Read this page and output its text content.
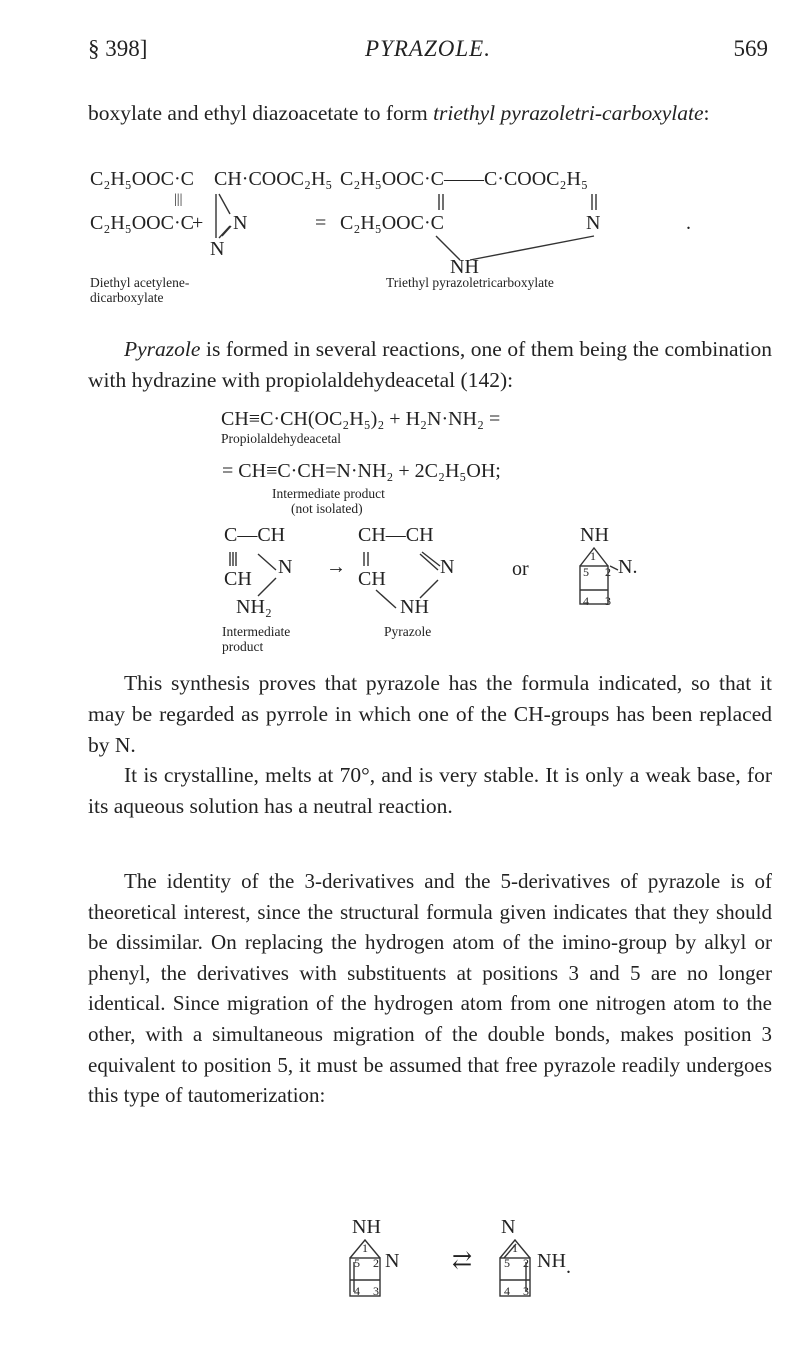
§ 398]	PYRAZOLE.	569

boxylate and ethyl diazoacetate to form triethyl pyrazoletri-carboxylate:

C₂H₅OOC·C
|||
C₂H₅OOC·C
+
CH·COOC₂H₅
N
N
=
C₂H₅OOC·C——C·COOC₂H₅
C₂H₅OOC·C	N
NH
.
Diethyl acetylene-
dicarboxylate
Triethyl pyrazoletricarboxylate

Pyrazole is formed in several reactions, one of them being the combination with hydrazine with propiolaldehydeacetal (142):

CH≡C·CH(OC₂H₅)₂ + H₂N·NH₂ =
Propiolaldehydeacetal
= CH≡C·CH=N·NH₂ + 2C₂H₅OH;
Intermediate product
(not isolated)
C—CH
CH
N
NH₂
→
CH—CH
CH
N
NH
or
NH
N.
1
2
3
4
5
Intermediate
product
Pyrazole

This synthesis proves that pyrazole has the formula indicated, so that it may be regarded as pyrrole in which one of the CH-groups has been replaced by N.

It is crystalline, melts at 70°, and is very stable. It is only a weak base, for its aqueous solution has a neutral reaction.

The identity of the 3-derivatives and the 5-derivatives of pyrazole is of theoretical interest, since the structural formula given indicates that they should be dissimilar. On replacing the hydrogen atom of the imino-group by alkyl or phenyl, the derivatives with substituents at positions 3 and 5 are no longer identical. Since migration of the hydrogen atom from one nitrogen atom to the other, with a simultaneous migration of the double bonds, makes position 3 equivalent to position 5, it must be assumed that free pyrazole readily undergoes this type of tautomerization:

NH
N ⇄
N
NH .
1
2
3
4
5
1
2
3
4
5
